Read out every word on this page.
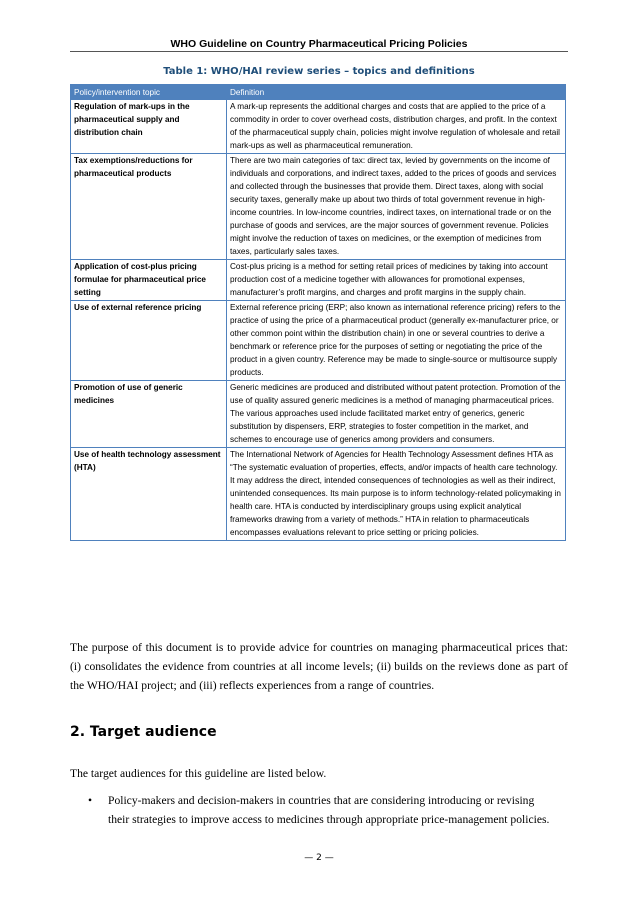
WHO Guideline on Country Pharmaceutical Pricing Policies
Table 1: WHO/HAI review series – topics and definitions
Policy/intervention topic	Definition
Regulation of mark-ups in the pharmaceutical supply and distribution chain	A mark-up represents the additional charges and costs that are applied to the price of a commodity in order to cover overhead costs, distribution charges, and profit. In the context of the pharmaceutical supply chain, policies might involve regulation of wholesale and retail mark-ups as well as pharmaceutical remuneration.
Tax exemptions/reductions for pharmaceutical products	There are two main categories of tax: direct tax, levied by governments on the income of individuals and corporations, and indirect taxes, added to the prices of goods and services and collected through the businesses that provide them. Direct taxes, along with social security taxes, generally make up about two thirds of total government revenue in high-income countries. In low-income countries, indirect taxes, on international trade or on the purchase of goods and services, are the major sources of government revenue. Policies might involve the reduction of taxes on medicines, or the exemption of medicines from taxes, particularly sales taxes.
Application of cost-plus pricing formulae for pharmaceutical price setting	Cost-plus pricing is a method for setting retail prices of medicines by taking into account production cost of a medicine together with allowances for promotional expenses, manufacturer’s profit margins, and charges and profit margins in the supply chain.
Use of external reference pricing	External reference pricing (ERP; also known as international reference pricing) refers to the practice of using the price of a pharmaceutical product (generally ex-manufacturer price, or other common point within the distribution chain) in one or several countries to derive a benchmark or reference price for the purposes of setting or negotiating the price of the product in a given country. Reference may be made to single-source or multisource supply products.
Promotion of use of generic medicines	Generic medicines are produced and distributed without patent protection. Promotion of the use of quality assured generic medicines is a method of managing pharmaceutical prices. The various approaches used include facilitated market entry of generics, generic substitution by dispensers, ERP, strategies to foster competition in the market, and schemes to encourage use of generics among providers and consumers.
Use of health technology assessment (HTA)	The International Network of Agencies for Health Technology Assessment defines HTA as “The systematic evaluation of properties, effects, and/or impacts of health care technology. It may address the direct, intended consequences of technologies as well as their indirect, unintended consequences. Its main purpose is to inform technology-related policymaking in health care. HTA is conducted by interdisciplinary groups using explicit analytical frameworks drawing from a variety of methods.” HTA in relation to pharmaceuticals encompasses evaluations relevant to price setting or pricing policies.

The purpose of this document is to provide advice for countries on managing pharmaceutical prices that: (i) consolidates the evidence from countries at all income levels; (ii) builds on the reviews done as part of the WHO/HAI project; and (iii) reflects experiences from a range of countries.

2. Target audience

The target audiences for this guideline are listed below.

• Policy-makers and decision-makers in countries that are considering introducing or revising their strategies to improve access to medicines through appropriate price-management policies.
— 2 —
